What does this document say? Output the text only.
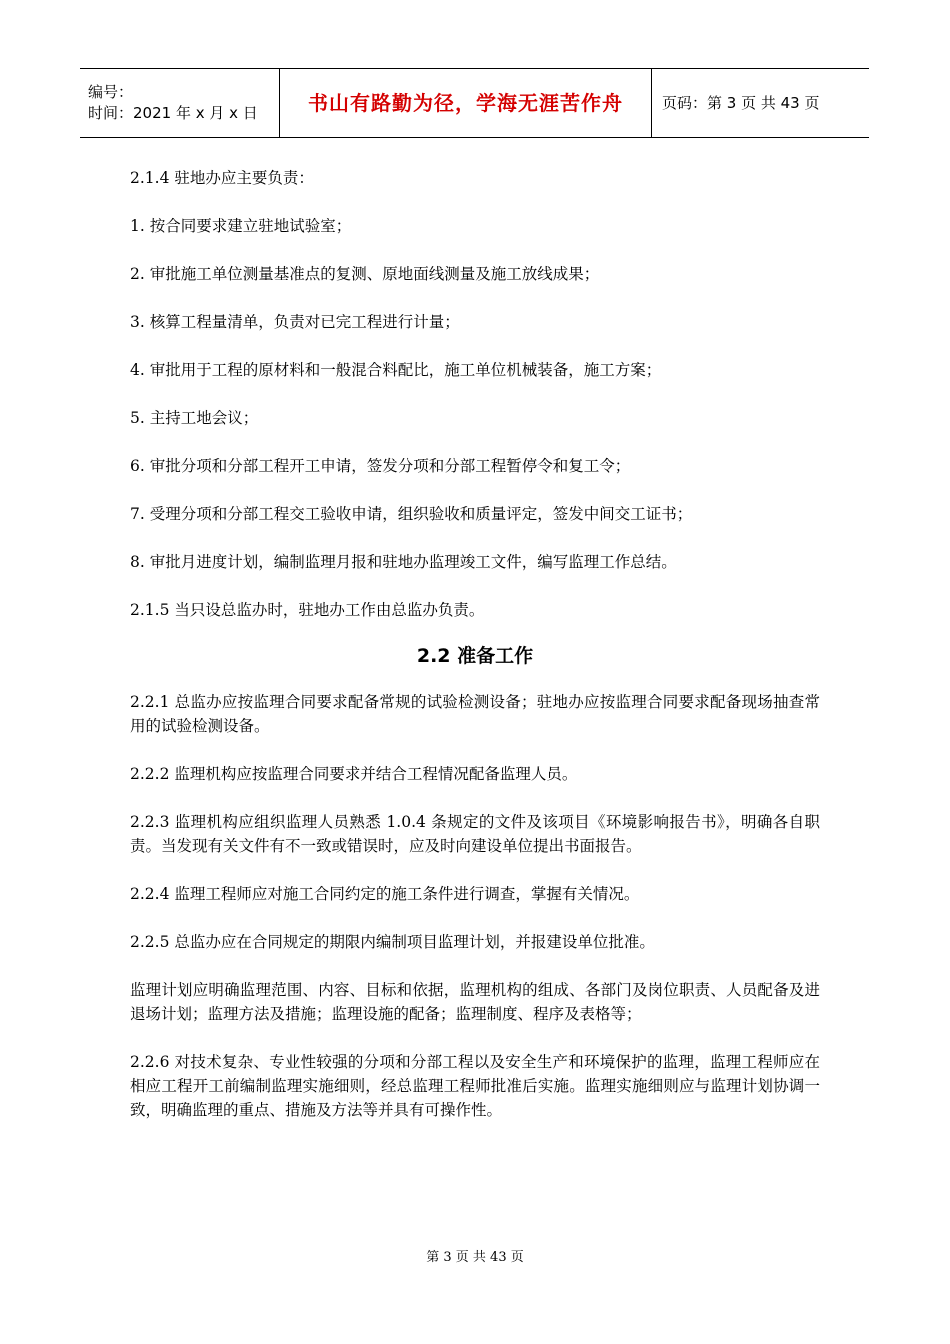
编号：
时间：2021 年 x 月 x 日	书山有路勤为径，学海无涯苦作舟	页码：第 3 页 共 43 页

2.1.4 驻地办应主要负责：

1. 按合同要求建立驻地试验室；

2. 审批施工单位测量基准点的复测、原地面线测量及施工放线成果；

3. 核算工程量清单，负责对已完工程进行计量；

4. 审批用于工程的原材料和一般混合料配比，施工单位机械装备，施工方案；

5. 主持工地会议；

6. 审批分项和分部工程开工申请，签发分项和分部工程暂停令和复工令；

7. 受理分项和分部工程交工验收申请，组织验收和质量评定，签发中间交工证书；

8. 审批月进度计划，编制监理月报和驻地办监理竣工文件，编写监理工作总结。

2.1.5 当只设总监办时，驻地办工作由总监办负责。

2.2 准备工作

2.2.1 总监办应按监理合同要求配备常规的试验检测设备；驻地办应按监理合同要求配备现场抽查常用的试验检测设备。

2.2.2 监理机构应按监理合同要求并结合工程情况配备监理人员。

2.2.3 监理机构应组织监理人员熟悉 1.0.4 条规定的文件及该项目《环境影响报告书》，明确各自职责。当发现有关文件有不一致或错误时，应及时向建设单位提出书面报告。

2.2.4 监理工程师应对施工合同约定的施工条件进行调查，掌握有关情况。

2.2.5 总监办应在合同规定的期限内编制项目监理计划，并报建设单位批准。

监理计划应明确监理范围、内容、目标和依据，监理机构的组成、各部门及岗位职责、人员配备及进退场计划；监理方法及措施；监理设施的配备；监理制度、程序及表格等；

2.2.6 对技术复杂、专业性较强的分项和分部工程以及安全生产和环境保护的监理，监理工程师应在相应工程开工前编制监理实施细则，经总监理工程师批准后实施。监理实施细则应与监理计划协调一致，明确监理的重点、措施及方法等并具有可操作性。

第 3 页 共 43 页
